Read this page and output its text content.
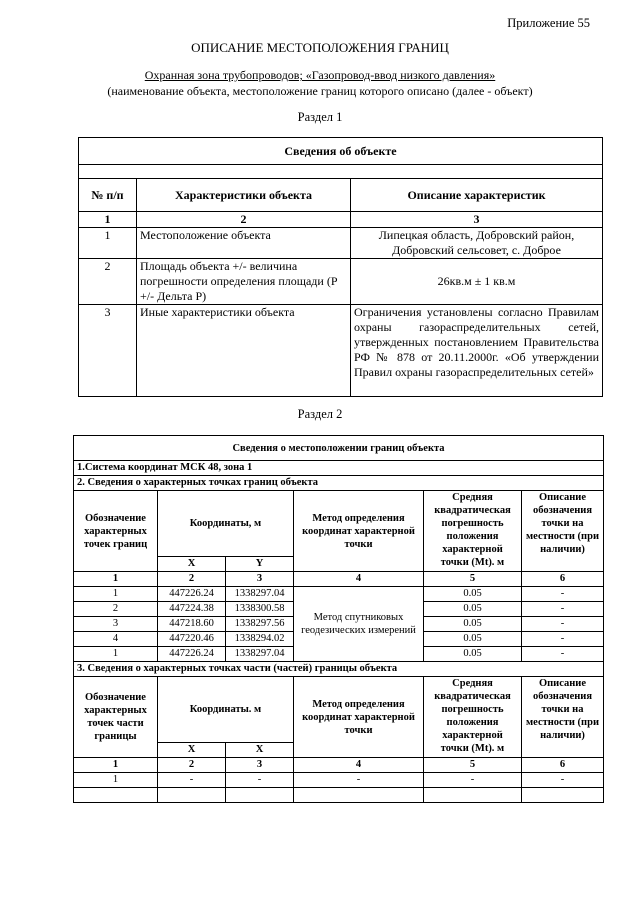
Приложение 55
ОПИСАНИЕ МЕСТОПОЛОЖЕНИЯ ГРАНИЦ
Охранная зона трубопроводов; «Газопровод-ввод низкого давления»
(наименование объекта, местоположение границ которого описано (далее - объект)
Раздел 1
Сведения об объекте		

№ п/п	Характеристики объекта	Описание характеристик
1	2	3
1	Местоположение объекта	Липецкая область, Добровский район, Добровский сельсовет, с. Доброе
2	Площадь объекта +/- величина погрешности определения площади (Р +/- Дельта Р)	26кв.м ± 1 кв.м
3	Иные характеристики объекта	Ограничения установлены согласно Правилам охраны газораспределительных сетей, утвержденных постановлением Правительства РФ № 878 от 20.11.2000г. «Об утверждении Правил охраны газораспределительных сетей»
Раздел 2
Сведения о местоположении границ объекта					
1.Система координат МСК 48, зона 1					
2. Сведения о характерных точках границ объекта					
Обозначение характерных точек границ	Координаты, м		Метод определения координат характерной точки	Средняя квадратическая погрешность положения характерной точки (Mt). м	Описание обозначения точки на местности (при наличии)
	X	Y			
1	2	3	4	5	6
1	447226.24	1338297.04	Метод спутниковых геодезических измерений	0.05	-
2	447224.38	1338300.58		0.05	-
3	447218.60	1338297.56		0.05	-
4	447220.46	1338294.02		0.05	-
1	447226.24	1338297.04		0.05	-
3. Сведения о характерных точках части (частей) границы объекта					
Обозначение характерных точек части границы	Координаты. м		Метод определения координат характерной точки	Средняя квадратическая погрешность положения характерной точки (Mt). м	Описание обозначения точки на местности (при наличии)
	X	X			
1	2	3	4	5	6
1	-	-	-	-	-
